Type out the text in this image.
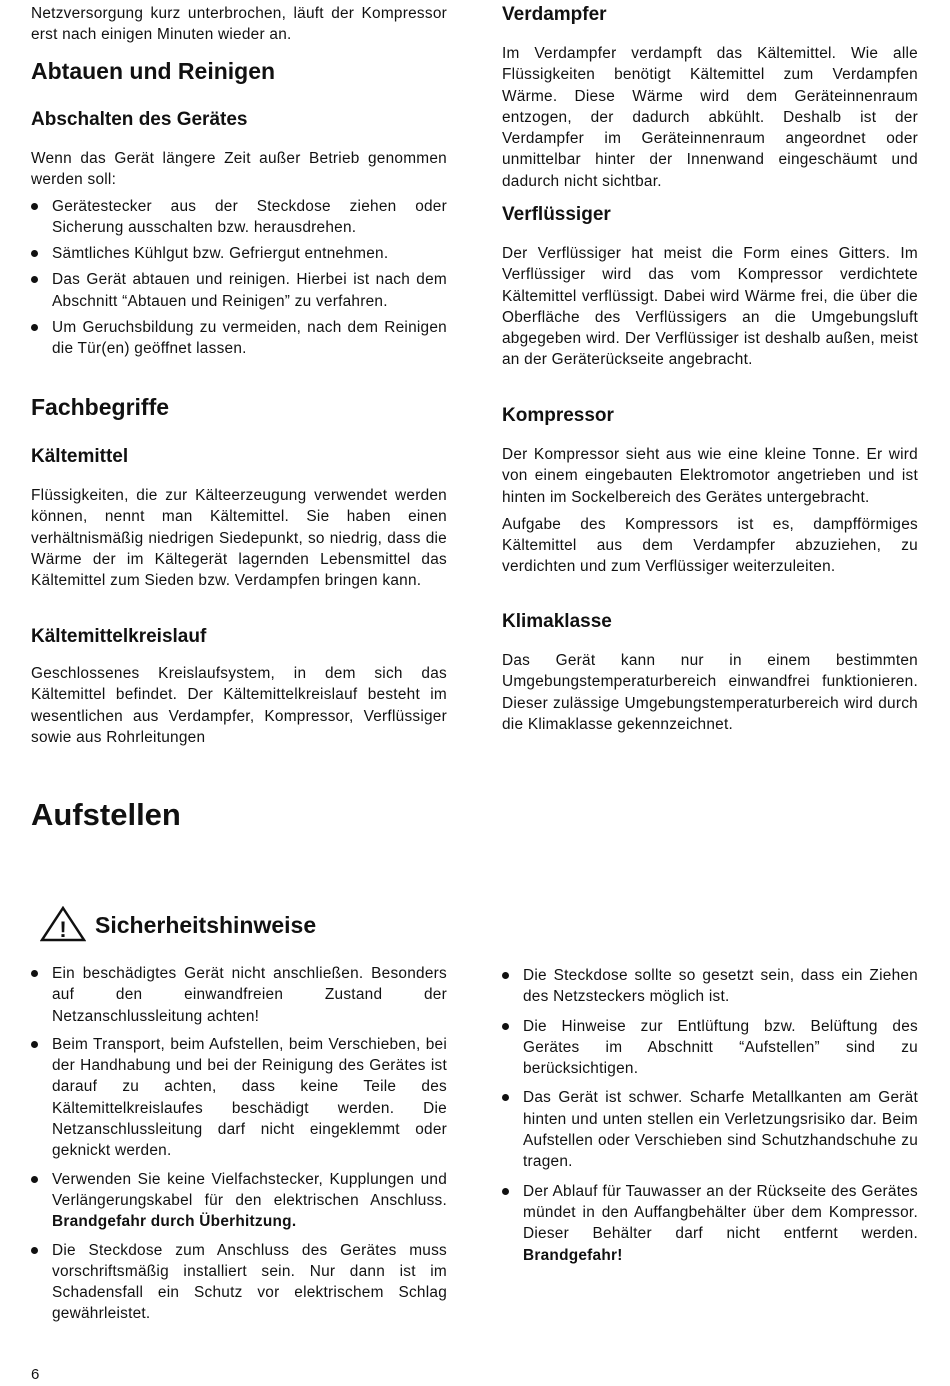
Netzversorgung kurz unterbrochen, läuft der Kompressor erst nach einigen Minuten wieder an.

Abtauen und Reinigen
Abschalten des Gerätes

Wenn das Gerät längere Zeit außer Betrieb genommen werden soll:

Gerätestecker aus der Steckdose ziehen oder Sicherung ausschalten bzw. herausdrehen.
Sämtliches Kühlgut bzw. Gefriergut entnehmen.
Das Gerät abtauen und reinigen. Hierbei ist nach dem Abschnitt “Abtauen und Reinigen” zu verfahren.
Um Geruchsbildung zu vermeiden, nach dem Reinigen die Tür(en) geöffnet lassen.
Fachbegriffe
Kältemittel

Flüssigkeiten, die zur Kälteerzeugung verwendet werden können, nennt man Kältemittel. Sie haben einen verhältnismäßig niedrigen Siedepunkt, so niedrig, dass die Wärme der im Kältegerät lagernden Lebensmittel das Kältemittel zum Sieden bzw. Verdampfen bringen kann.

Kältemittelkreislauf

Geschlossenes Kreislaufsystem, in dem sich das Kältemittel befindet. Der Kältemittelkreislauf besteht im wesentlichen aus Verdampfer, Kompressor, Verflüssiger sowie aus Rohrleitungen

Verdampfer

Im Verdampfer verdampft das Kältemittel. Wie alle Flüssigkeiten benötigt Kältemittel zum Verdampfen Wärme. Diese Wärme wird dem Geräteinnenraum entzogen, der dadurch abkühlt. Deshalb ist der Verdampfer im Geräteinnenraum angeordnet oder unmittelbar hinter der Innenwand eingeschäumt und dadurch nicht sichtbar.

Verflüssiger

Der Verflüssiger hat meist die Form eines Gitters. Im Verflüssiger wird das vom Kompressor verdichtete Kältemittel verflüssigt. Dabei wird Wärme frei, die über die Oberfläche des Verflüssigers an die Umgebungsluft abgegeben wird. Der Verflüssiger ist deshalb außen, meist an der Geräterückseite angebracht.

Kompressor

Der Kompressor sieht aus wie eine kleine Tonne. Er wird von einem eingebauten Elektromotor angetrieben und ist hinten im Sockelbereich des Gerätes untergebracht.

Aufgabe des Kompressors ist es, dampfförmiges Kältemittel aus dem Verdampfer abzuziehen, zu verdichten und zum Verflüssiger weiterzuleiten.

Klimaklasse

Das Gerät kann nur in einem bestimmten Umgebungstemperaturbereich einwandfrei funktionieren. Dieser zulässige Umgebungstemperaturbereich wird durch die Klimaklasse gekennzeichnet.

Aufstellen
! Sicherheitshinweise
Ein beschädigtes Gerät nicht anschließen. Besonders auf den einwandfreien Zustand der Netzanschlussleitung achten!
Beim Transport, beim Aufstellen, beim Verschieben, bei der Handhabung und bei der Reinigung des Gerätes ist darauf zu achten, dass keine Teile des Kältemittelkreislaufes beschädigt werden. Die Netzanschlussleitung darf nicht eingeklemmt oder geknickt werden.
Verwenden Sie keine Vielfachstecker, Kupplungen und Verlängerungskabel für den elektrischen Anschluss. Brandgefahr durch Überhitzung.
Die Steckdose zum Anschluss des Gerätes muss vorschriftsmäßig installiert sein. Nur dann ist im Schadensfall ein Schutz vor elektrischem Schlag gewährleistet.
Die Steckdose sollte so gesetzt sein, dass ein Ziehen des Netzsteckers möglich ist.
Die Hinweise zur Entlüftung bzw. Belüftung des Gerätes im Abschnitt “Aufstellen” sind zu berücksichtigen.
Das Gerät ist schwer. Scharfe Metallkanten am Gerät hinten und unten stellen ein Verletzungsrisiko dar. Beim Aufstellen oder Verschieben sind Schutzhandschuhe zu tragen.
Der Ablauf für Tauwasser an der Rückseite des Gerätes mündet in den Auffangbehälter über dem Kompressor. Dieser Behälter darf nicht entfernt werden. Brandgefahr!
6
